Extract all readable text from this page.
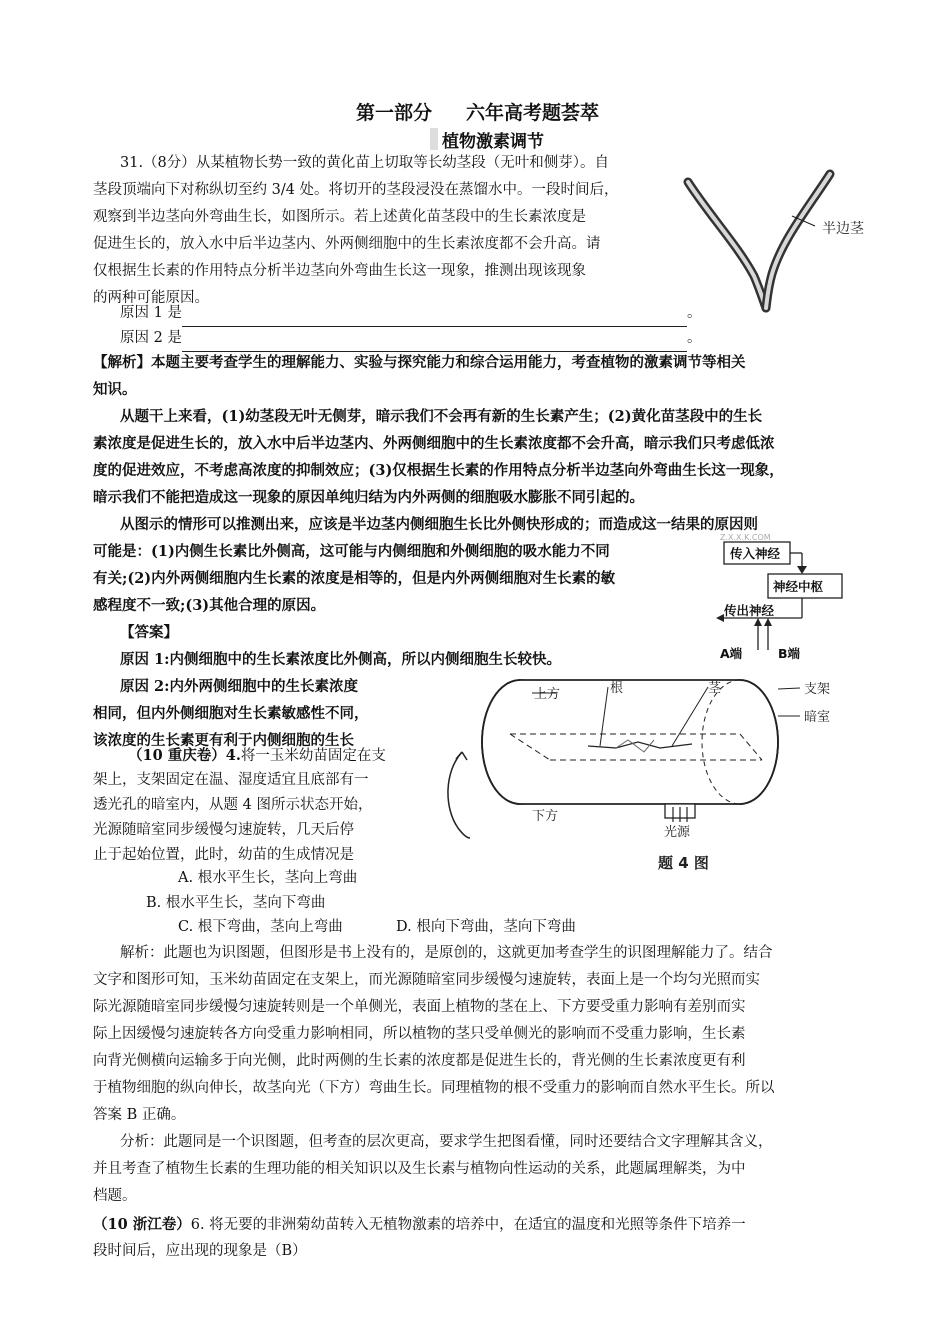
第一部分 六年高考题荟萃
植物激素调节
31.（8分）从某植物长势一致的黄化苗上切取等长幼茎段（无叶和侧芽）。自
茎段顶端向下对称纵切至约 3/4 处。将切开的茎段浸没在蒸馏水中。一段时间后，
观察到半边茎向外弯曲生长，如图所示。若上述黄化苗茎段中的生长素浓度是
促进生长的，放入水中后半边茎内、外两侧细胞中的生长素浓度都不会升高。请
仅根据生长素的作用特点分析半边茎向外弯曲生长这一现象，推测出现该现象
的两种可能原因。
原因 1 是	。
原因 2 是	。
半边茎
【解析】本题主要考查学生的理解能力、实验与探究能力和综合运用能力，考查植物的激素调节等相关
知识。
从题干上来看，(1)幼茎段无叶无侧芽，暗示我们不会再有新的生长素产生；(2)黄化苗茎段中的生长
素浓度是促进生长的，放入水中后半边茎内、外两侧细胞中的生长素浓度都不会升高，暗示我们只考虑低浓
度的促进效应，不考虑高浓度的抑制效应；(3)仅根据生长素的作用特点分析半边茎向外弯曲生长这一现象，
暗示我们不能把造成这一现象的原因单纯归结为内外两侧的细胞吸水膨胀不同引起的。
从图示的情形可以推测出来，应该是半边茎内侧细胞生长比外侧快形成的；而造成这一结果的原因则
可能是：(1)内侧生长素比外侧高，这可能与内侧细胞和外侧细胞的吸水能力不同
有关;(2)内外两侧细胞内生长素的浓度是相等的，但是内外两侧细胞对生长素的敏
感程度不一致;(3)其他合理的原因。
【答案】
原因 1:内侧细胞中的生长素浓度比外侧高，所以内侧细胞生长较快。
原因 2:内外两侧细胞中的生长素浓度
相同，但内外侧细胞对生长素敏感性不同，
该浓度的生长素更有利于内侧细胞的生长
Z.X.X.K.COM
传入神经
神经中枢
传出神经
A端	B端
（10 重庆卷）4.将一玉米幼苗固定在支
架上，支架固定在温、湿度适宜且底部有一
透光孔的暗室内，从题 4 图所示状态开始，
光源随暗室同步缓慢匀速旋转，几天后停
止于起始位置，此时，幼苗的生成情况是
A. 根水平生长，茎向上弯曲
B. 根水平生长，茎向下弯曲
C. 根下弯曲，茎向上弯曲	D. 根向下弯曲，茎向下弯曲
上方	根	茎	支架
暗室
下方
光源
题 4 图
解析：此题也为识图题，但图形是书上没有的，是原创的，这就更加考查学生的识图理解能力了。结合
文字和图形可知，玉米幼苗固定在支架上，而光源随暗室同步缓慢匀速旋转，表面上是一个均匀光照而实
际光源随暗室同步缓慢匀速旋转则是一个单侧光，表面上植物的茎在上、下方要受重力影响有差别而实
际上因缓慢匀速旋转各方向受重力影响相同，所以植物的茎只受单侧光的影响而不受重力影响，生长素
向背光侧横向运输多于向光侧，此时两侧的生长素的浓度都是促进生长的，背光侧的生长素浓度更有利
于植物细胞的纵向伸长，故茎向光（下方）弯曲生长。同理植物的根不受重力的影响而自然水平生长。所以
答案 B 正确。
分析：此题同是一个识图题，但考查的层次更高，要求学生把图看懂，同时还要结合文字理解其含义，
并且考查了植物生长素的生理功能的相关知识以及生长素与植物向性运动的关系，此题属理解类，为中
档题。
（10 浙江卷）6. 将无要的非洲菊幼苗转入无植物激素的培养中，在适宜的温度和光照等条件下培养一
段时间后，应出现的现象是（B）
